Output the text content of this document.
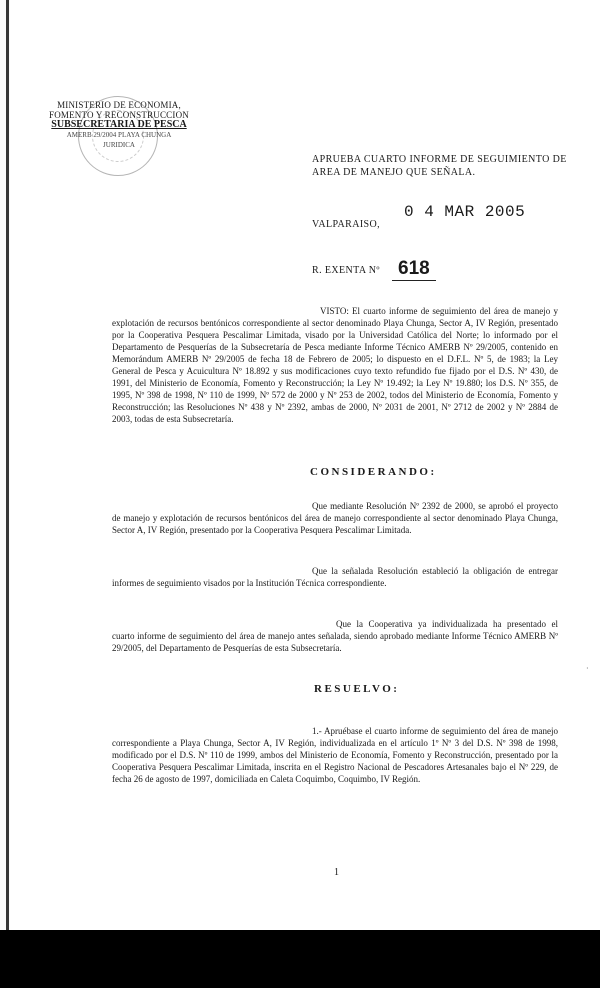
MINISTERIO DE ECONOMIA,
FOMENTO Y RECONSTRUCCION
SUBSECRETARIA DE PESCA
AMERB 29/2004 PLAYA CHUNGA
JURIDICA
APRUEBA CUARTO INFORME DE SEGUIMIENTO DE AREA DE MANEJO QUE SEÑALA.
VALPARAISO,
0 4 MAR 2005
R. EXENTA Nº 618
VISTO: El cuarto informe de seguimiento del área de manejo y explotación de recursos bentónicos correspondiente al sector denominado Playa Chunga, Sector A, IV Región, presentado por la Cooperativa Pesquera Pescalimar Limitada, visado por la Universidad Católica del Norte; lo informado por el Departamento de Pesquerías de la Subsecretaría de Pesca mediante Informe Técnico AMERB Nº 29/2005, contenido en Memorándum AMERB Nº 29/2005 de fecha 18 de Febrero de 2005; lo dispuesto en el D.F.L. Nº 5, de 1983; la Ley General de Pesca y Acuicultura Nº 18.892 y sus modificaciones cuyo texto refundido fue fijado por el D.S. Nº 430, de 1991, del Ministerio de Economía, Fomento y Reconstrucción; la Ley Nº 19.492; la Ley Nº 19.880; los D.S. Nº 355, de 1995, Nº 398 de 1998, Nº 110 de 1999, Nº 572 de 2000 y Nº 253 de 2002, todos del Ministerio de Economía, Fomento y Reconstrucción; las Resoluciones Nº 438 y Nº 2392, ambas de 2000, Nº 2031 de 2001, Nº 2712 de 2002 y Nº 2884 de 2003, todas de esta Subsecretaría.
CONSIDERANDO:
Que mediante Resolución Nº 2392 de 2000, se aprobó el proyecto de manejo y explotación de recursos bentónicos del área de manejo correspondiente al sector denominado Playa Chunga, Sector A, IV Región, presentado por la Cooperativa Pesquera Pescalimar Limitada.
Que la señalada Resolución estableció la obligación de entregar informes de seguimiento visados por la Institución Técnica correspondiente.
Que la Cooperativa ya individualizada ha presentado el cuarto informe de seguimiento del área de manejo antes señalada, siendo aprobado mediante Informe Técnico AMERB Nº 29/2005, del Departamento de Pesquerías de esta Subsecretaría.
RESUELVO:
1.- Apruébase el cuarto informe de seguimiento del área de manejo correspondiente a Playa Chunga, Sector A, IV Región, individualizada en el artículo 1º Nº 3 del D.S. Nº 398 de 1998, modificado por el D.S. Nº 110 de 1999, ambos del Ministerio de Economía, Fomento y Reconstrucción, presentado por la Cooperativa Pesquera Pescalimar Limitada, inscrita en el Registro Nacional de Pescadores Artesanales bajo el Nº 229, de fecha 26 de agosto de 1997, domiciliada en Caleta Coquimbo, Coquimbo, IV Región.
·
1
